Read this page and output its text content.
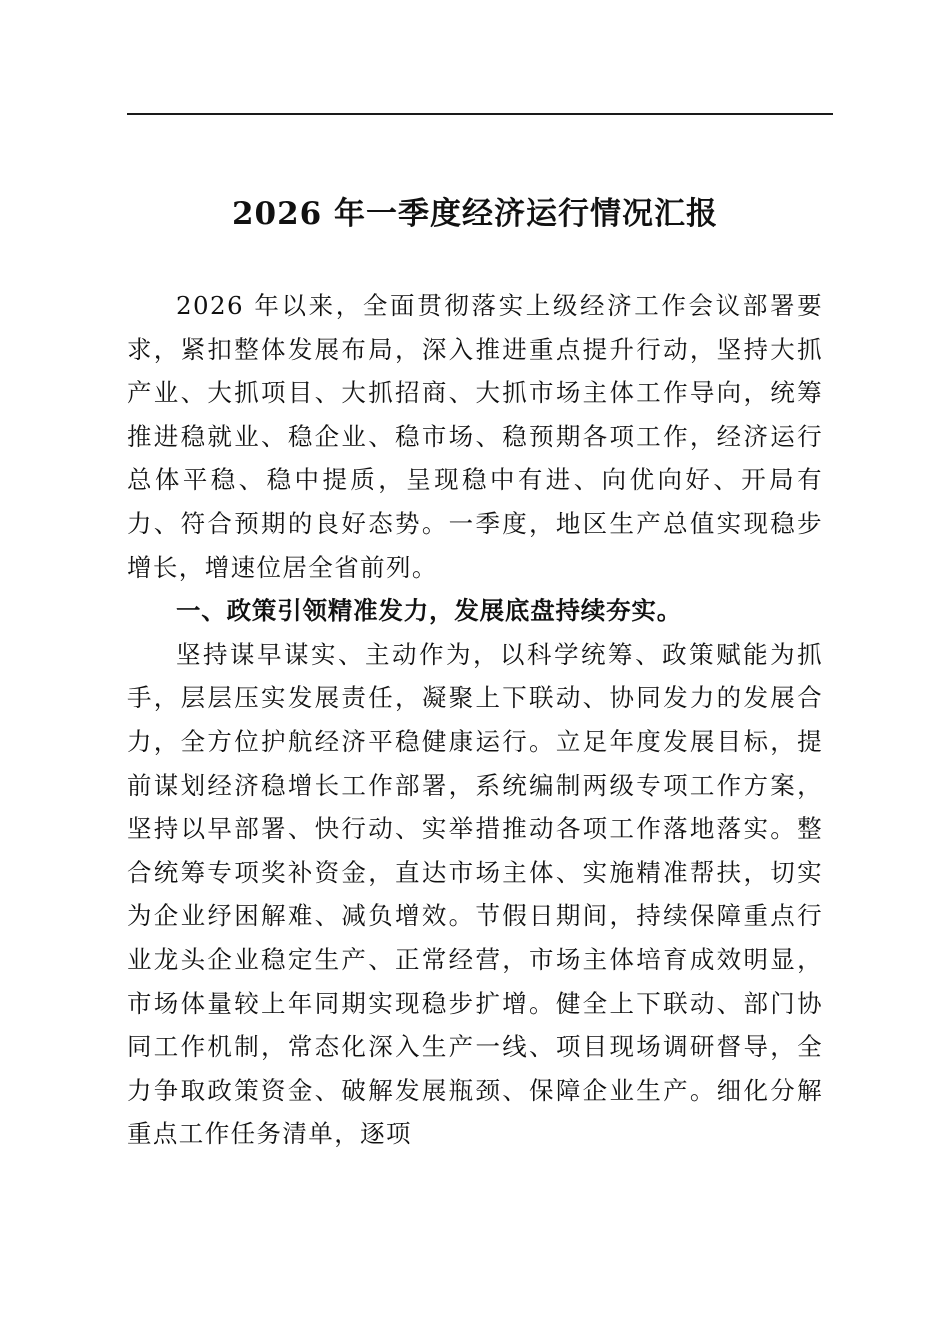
2026 年一季度经济运行情况汇报

2026 年以来，全面贯彻落实上级经济工作会议部署要求，紧扣整体发展布局，深入推进重点提升行动，坚持大抓产业、大抓项目、大抓招商、大抓市场主体工作导向，统筹推进稳就业、稳企业、稳市场、稳预期各项工作，经济运行总体平稳、稳中提质，呈现稳中有进、向优向好、开局有力、符合预期的良好态势。一季度，地区生产总值实现稳步增长，增速位居全省前列。

一、政策引领精准发力，发展底盘持续夯实。

坚持谋早谋实、主动作为，以科学统筹、政策赋能为抓手，层层压实发展责任，凝聚上下联动、协同发力的发展合力，全方位护航经济平稳健康运行。立足年度发展目标，提前谋划经济稳增长工作部署，系统编制两级专项工作方案，坚持以早部署、快行动、实举措推动各项工作落地落实。整合统筹专项奖补资金，直达市场主体、实施精准帮扶，切实为企业纾困解难、减负增效。节假日期间，持续保障重点行业龙头企业稳定生产、正常经营，市场主体培育成效明显，市场体量较上年同期实现稳步扩增。健全上下联动、部门协同工作机制，常态化深入生产一线、项目现场调研督导，全力争取政策资金、破解发展瓶颈、保障企业生产。细化分解重点工作任务清单，逐项
